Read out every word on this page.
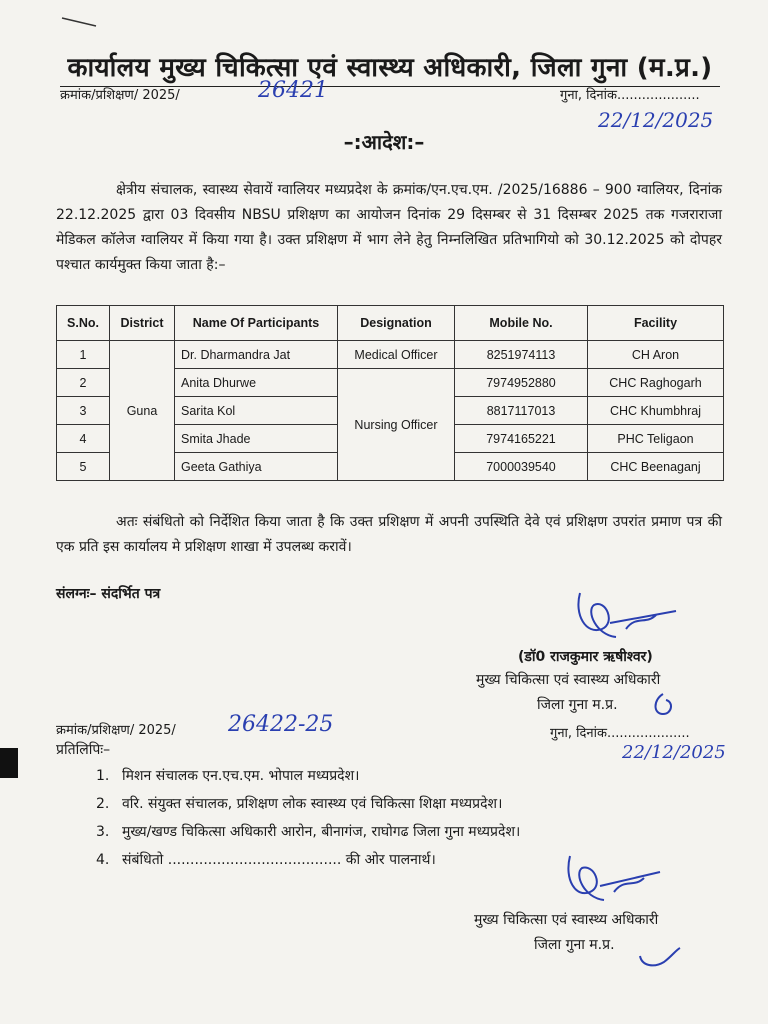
कार्यालय मुख्य चिकित्सा एवं स्वास्थ्य अधिकारी, जिला गुना (म.प्र.)
क्रमांक/प्रशिक्षण/ 2025/	26421	गुना, दिनांक....................
22/12/2025
–:आदेश:–
क्षेत्रीय संचालक, स्वास्थ्य सेवायें ग्वालियर मध्यप्रदेश के क्रमांक/एन.एच.एम. /2025/16886 – 900 ग्वालियर, दिनांक 22.12.2025 द्वारा 03 दिवसीय NBSU प्रशिक्षण का आयोजन दिनांक 29 दिसम्बर से 31 दिसम्बर 2025 तक गजराराजा मेडिकल कॉलेज ग्वालियर में किया गया है। उक्त प्रशिक्षण में भाग लेने हेतु निम्नलिखित प्रतिभागियो को 30.12.2025 को दोपहर पश्चात कार्यमुक्त किया जाता है:–
S.No.	District	Name Of Participants	Designation	Mobile No.	Facility
1	Guna	Dr. Dharmandra Jat	Medical Officer	8251974113	CH Aron
2		Anita Dhurwe	Nursing Officer	7974952880	CHC Raghogarh
3		Sarita Kol		8817117013	CHC Khumbhraj
4		Smita Jhade		7974165221	PHC Teligaon
5		Geeta Gathiya		7000039540	CHC Beenaganj
अतः संबंधितो को निर्देशित किया जाता है कि उक्त प्रशिक्षण में अपनी उपस्थिति देवे एवं प्रशिक्षण उपरांत प्रमाण पत्र की एक प्रति इस कार्यालय मे प्रशिक्षण शाखा में उपलब्ध करावें।
संलग्नः– संदर्भित पत्र
(डॉ0 राजकुमार ऋषीश्वर)
मुख्य चिकित्सा एवं स्वास्थ्य अधिकारी
जिला गुना म.प्र.
क्रमांक/प्रशिक्षण/ 2025/ 26422-25	गुना, दिनांक....................
22/12/2025
प्रतिलिपिः–
1. मिशन संचालक एन.एच.एम. भोपाल मध्यप्रदेश।
2. वरि. संयुक्त संचालक, प्रशिक्षण लोक स्वास्थ्य एवं चिकित्सा शिक्षा मध्यप्रदेश।
3. मुख्य/खण्ड चिकित्सा अधिकारी आरोन, बीनागंज, राघोगढ जिला गुना मध्यप्रदेश।
4. संबंधितो ....................................... की ओर पालनार्थ।
मुख्य चिकित्सा एवं स्वास्थ्य अधिकारी
जिला गुना म.प्र.
